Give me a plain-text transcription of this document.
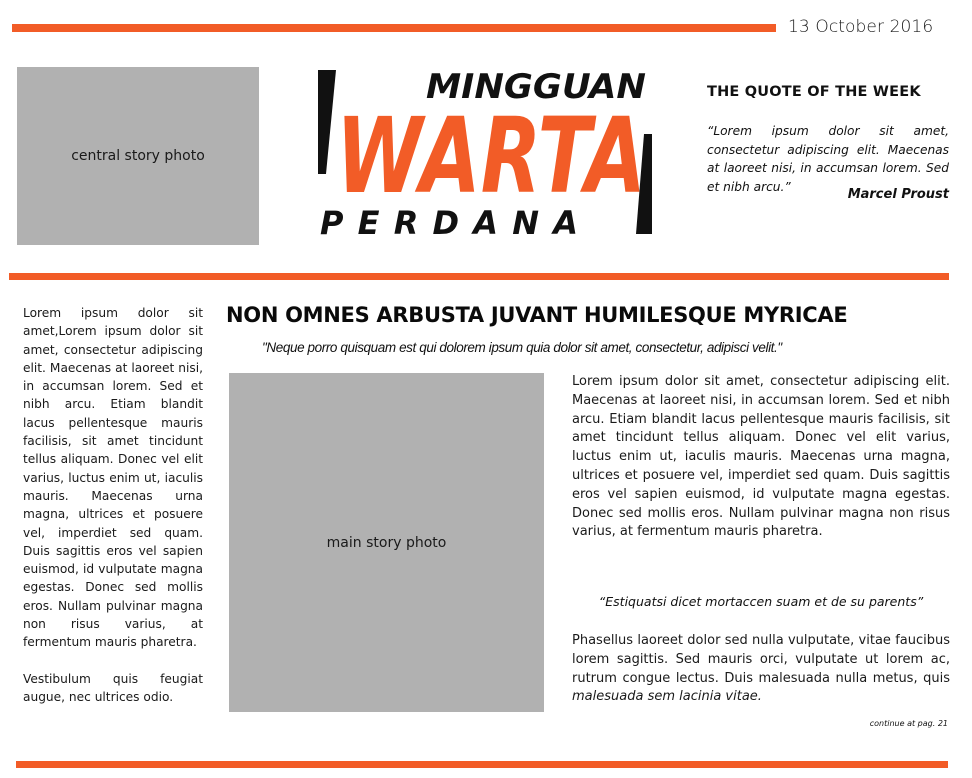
13 October 2016
central story photo
MINGGUAN
WARTA
PERDANA
THE QUOTE OF THE WEEK
“Lorem ipsum dolor sit amet, consectetur adipiscing elit. Maecenas at laoreet nisi, in accumsan lorem. Sed et nibh arcu.”
Marcel Proust

Lorem ipsum dolor sit amet,Lorem ipsum dolor sit amet, consectetur adipiscing elit. Maecenas at laoreet nisi, in accumsan lorem. Sed et nibh arcu. Etiam blandit lacus pellentesque mauris facilisis, sit amet tincidunt tellus aliquam. Donec vel elit varius, luctus enim ut, iaculis mauris. Maecenas urna magna, ultrices et posuere vel, imperdiet sed quam. Duis sagittis eros vel sapien euismod, id vulputate magna egestas. Donec sed mollis eros. Nullam pulvinar magna non risus varius, at fermentum mauris pharetra.

Vestibulum quis feugiat augue, nec ultrices odio.

NON OMNES ARBUSTA JUVANT HUMILESQUE MYRICAE
"Neque porro quisquam est qui dolorem ipsum quia dolor sit amet, consectetur, adipisci velit."
main story photo

Lorem ipsum dolor sit amet, consectetur adipiscing elit. Maecenas at laoreet nisi, in accumsan lorem. Sed et nibh arcu. Etiam blandit lacus pellentesque mauris facilisis, sit amet tincidunt tellus aliquam. Donec vel elit varius, luctus enim ut, iaculis mauris. Maecenas urna magna, ultrices et posuere vel, imperdiet sed quam. Duis sagittis eros vel sapien euismod, id vulputate magna egestas. Donec sed mollis eros. Nullam pulvinar magna non risus varius, at fermentum mauris pharetra.

“Estiquatsi dicet mortaccen suam et de su parents”
Phasellus laoreet dolor sed nulla vulputate, vitae faucibus lorem sagittis. Sed mauris orci, vulputate ut lorem ac, rutrum congue lectus. Duis malesuada nulla metus, quis malesuada sem lacinia vitae.
continue at pag. 21
